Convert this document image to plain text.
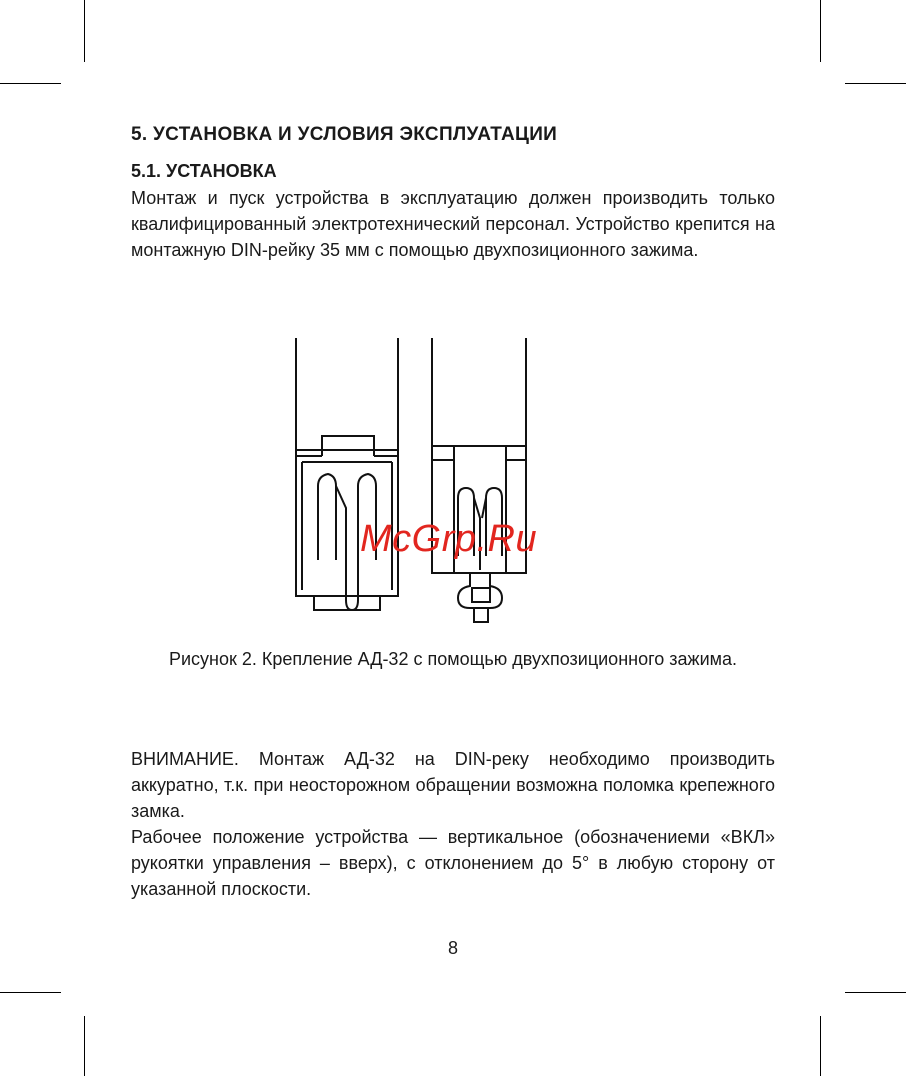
5. УСТАНОВКА И УСЛОВИЯ ЭКСПЛУАТАЦИИ
5.1. УСТАНОВКА

Монтаж и пуск устройства в эксплуатацию должен производить только квалифицированный электротехнический персонал. Устройство крепится на монтажную DIN-рейку 35 мм с помощью двухпозиционного зажима.

McGrp.Ru

Рисунок 2. Крепление АД-32 с помощью двухпозиционного зажима.

ВНИМАНИЕ. Монтаж АД-32 на DIN-реку необходимо производить аккуратно, т.к. при неосторожном обращении возможна поломка крепежного замка.

Рабочее положение устройства — вертикальное (обозначениеми «ВКЛ» рукоятки управления – вверх), с отклонением до 5° в любую сторону от указанной плоскости.

8
